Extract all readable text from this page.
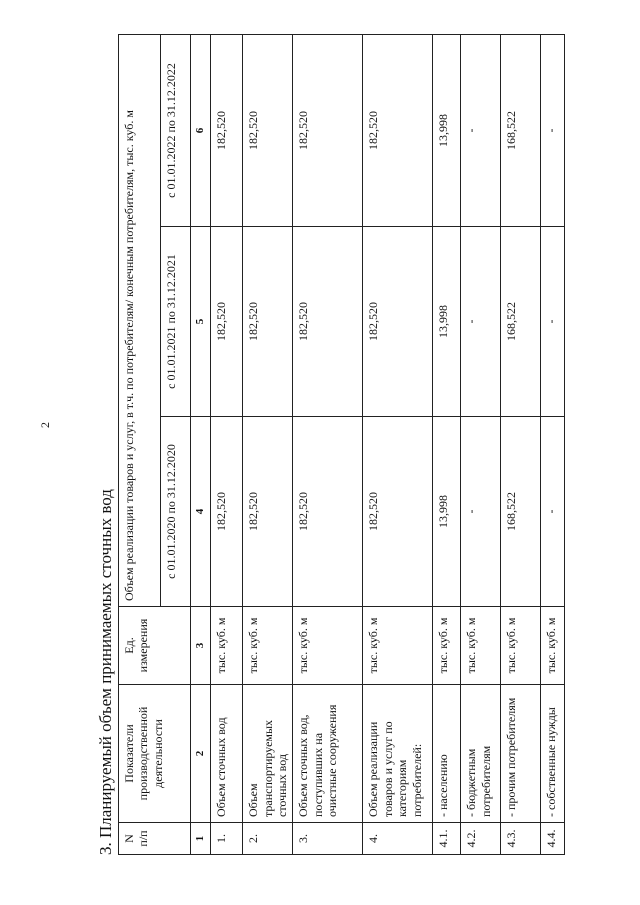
2
3. Планируемый объем принимаемых сточных вод N п/п	Показатели производственной деятельности	Ед. измерения	Объем реализации товаров и услуг, в т.ч. по потребителям/ конечным потребителям, тыс. куб. м		
			с 01.01.2020 по 31.12.2020	с 01.01.2021 по 31.12.2021	с 01.01.2022 по 31.12.2022
1	2	3	4	5	6
1.	Объем сточных вод	тыс. куб. м	182,520	182,520	182,520
2.	Объем транспортируемых сточных вод	тыс. куб. м	182,520	182,520	182,520
3.	Объем сточных вод, поступивших на очистные сооружения	тыс. куб. м	182,520	182,520	182,520
4.	Объем реализации товаров и услуг по категориям потребителей:	тыс. куб. м	182,520	182,520	182,520
4.1.	- населению	тыс. куб. м	13,998	13,998	13,998
4.2.	- бюджетным потребителям	тыс. куб. м	-	-	-
4.3.	- прочим потребителям	тыс. куб. м	168,522	168,522	168,522
4.4.	- собственные нужды	тыс. куб. м	-	-	-
